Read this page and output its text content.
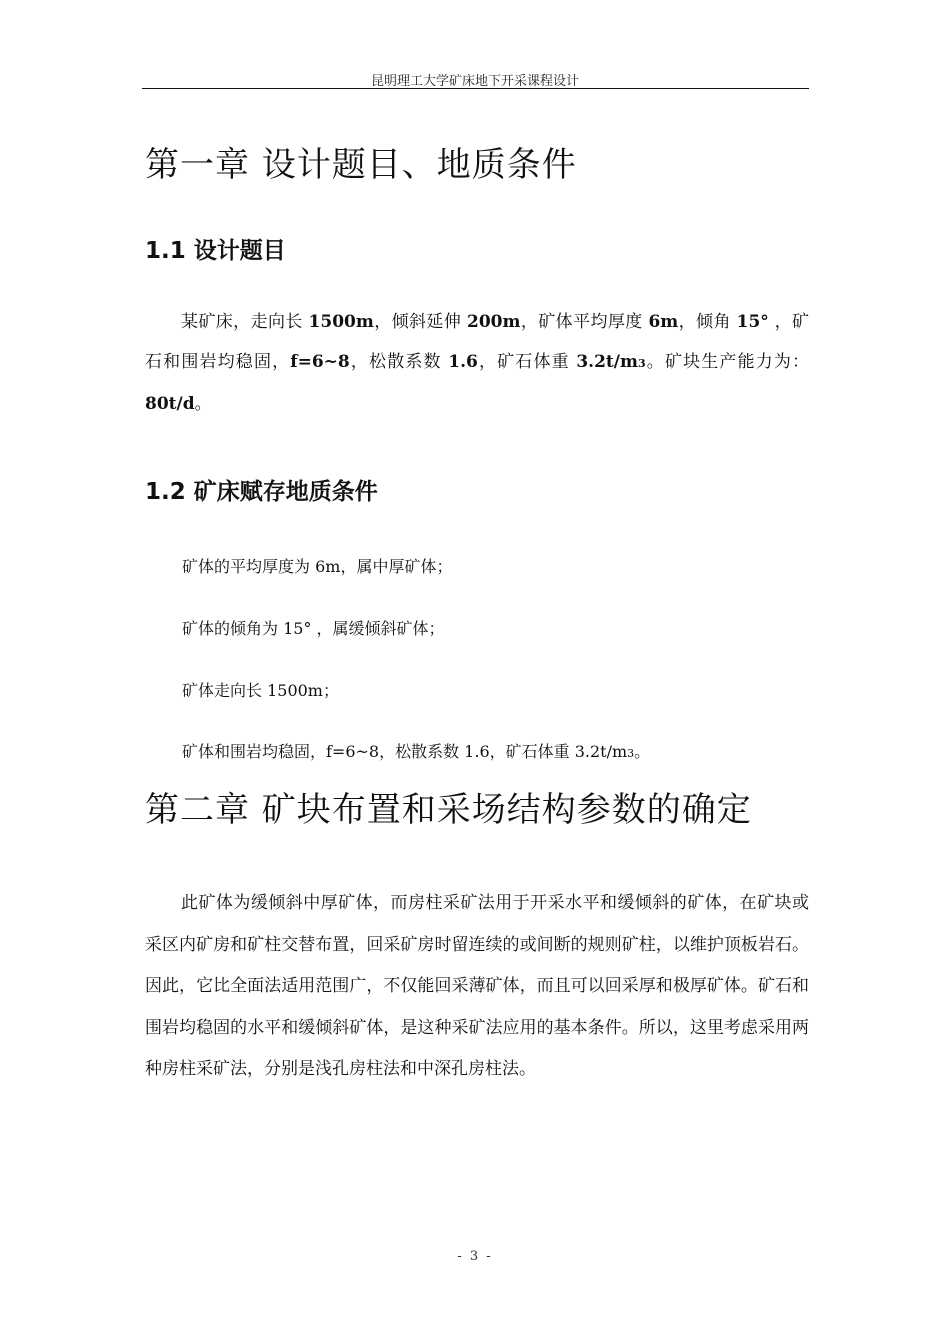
昆明理工大学矿床地下开采课程设计
第一章 设计题目、地质条件
1.1 设计题目
某矿床，走向长 1500m，倾斜延伸 200m，矿体平均厚度 6m，倾角 15° ，矿石和围岩均稳固，f=6~8，松散系数 1.6，矿石体重 3.2t/m3。矿块生产能力为：80t/d。
1.2 矿床赋存地质条件
矿体的平均厚度为 6m，属中厚矿体；
矿体的倾角为 15° ，属缓倾斜矿体；
矿体走向长 1500m；
矿体和围岩均稳固，f=6~8，松散系数 1.6，矿石体重 3.2t/m3。
第二章 矿块布置和采场结构参数的确定
此矿体为缓倾斜中厚矿体，而房柱采矿法用于开采水平和缓倾斜的矿体，在矿块或采区内矿房和矿柱交替布置，回采矿房时留连续的或间断的规则矿柱，以维护顶板岩石。因此，它比全面法适用范围广，不仅能回采薄矿体，而且可以回采厚和极厚矿体。矿石和围岩均稳固的水平和缓倾斜矿体，是这种采矿法应用的基本条件。所以，这里考虑采用两种房柱采矿法，分别是浅孔房柱法和中深孔房柱法。
- 3 -
